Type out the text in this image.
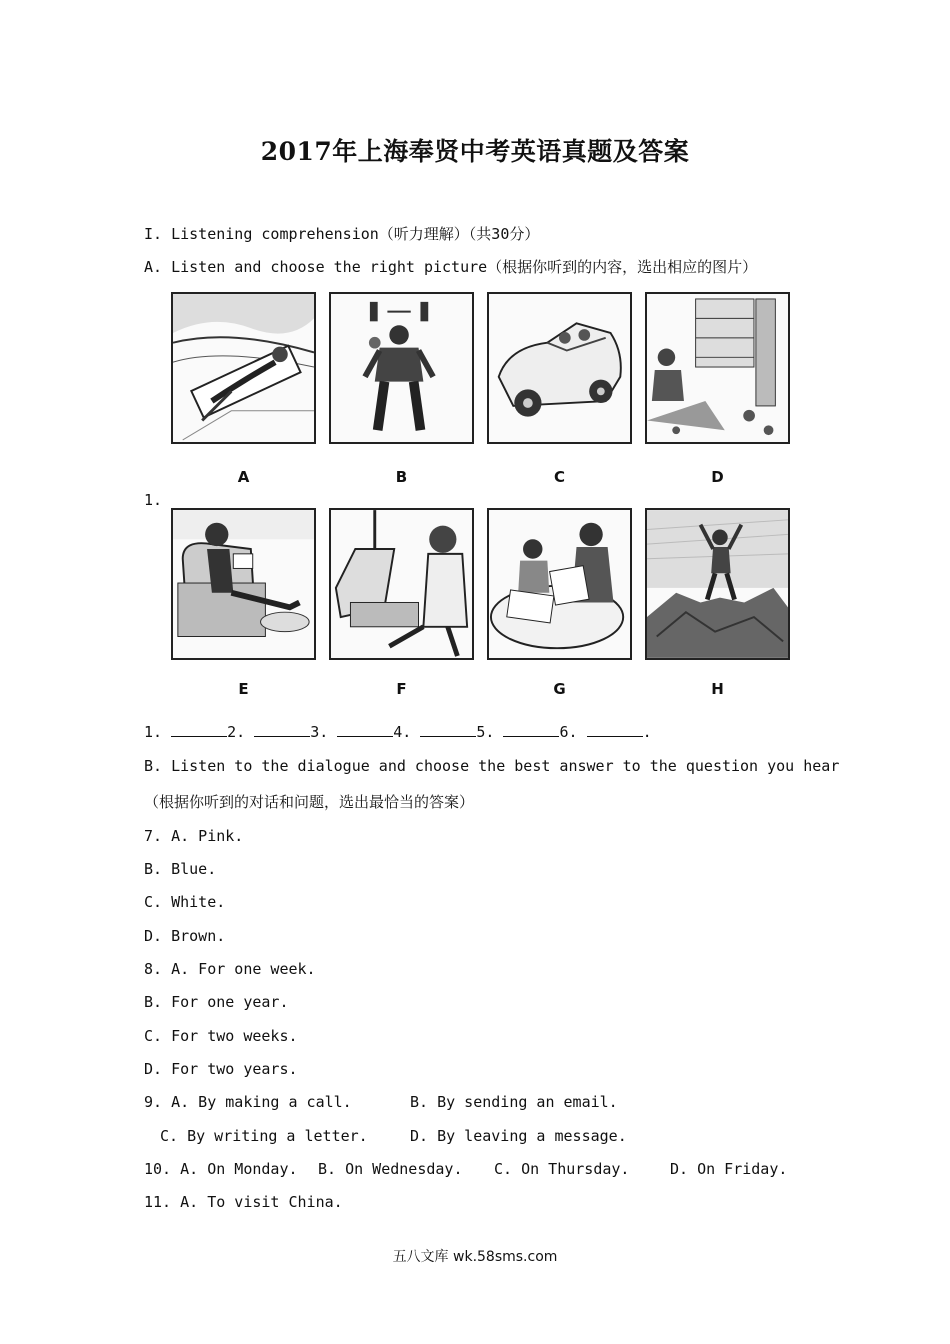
2017年上海奉贤中考英语真题及答案
I. Listening comprehension（听力理解）（共30分）
A. Listen and choose the right picture（根据你听到的内容，选出相应的图片）
1.
A	B	C	D
E	F	G	H
1.	2.	3.	4.	5.	6.	.
B. Listen to the dialogue and choose the best answer to the question you hear
（根据你听到的对话和问题，选出最恰当的答案）
7. A. Pink.
B. Blue.
C. White.
D. Brown.
8. A. For one week.
B. For one year.
C. For two weeks.
D. For two years.
9. A. By making a call.	B. By sending an email.
C. By writing a letter.	D. By leaving a message.
10. A. On Monday. B. On Wednesday. C. On Thursday.	D. On Friday.
11. A. To visit China.
五八文库 wk.58sms.com
